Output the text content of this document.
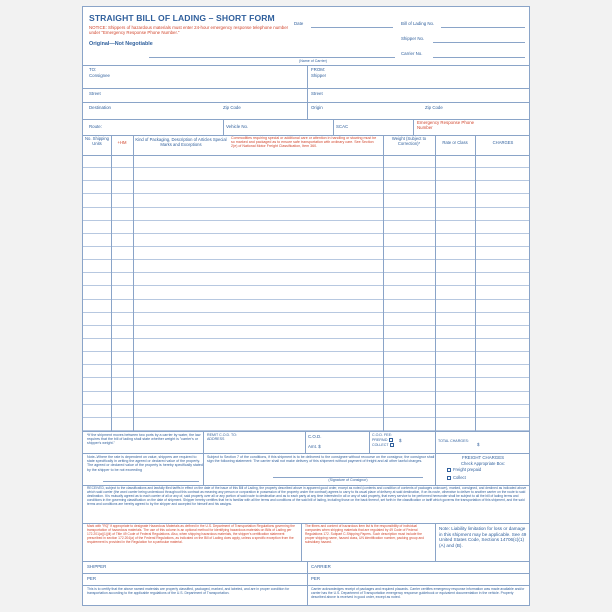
STRAIGHT BILL OF LADING – SHORT FORM
NOTICE: Shippers of hazardous materials must enter 24-hour emergency response telephone number under "Emergency Response Phone Number."
Original—Not Negotiable
Date	Bill of Lading No.
Shipper No.
Carrier No.
(Name of Carrier)
TO:
Consignee
FROM:
Shipper
Street	Street
Destination	Zip Code	Origin	Zip Code
Route:	Vehicle No.	SCAC
Emergency Response Phone Number
No. Shipping Units	+HM
Kind of Packaging, Description of Articles Special Marks and Exceptions
Commodities requiring special or additional care or attention in handling or stowing must be so marked and packaged as to ensure safe transportation with ordinary care. See Section 2(e) of National Motor Freight Classification, Item 360.
Weight (Subject to Correction)*	Rate or Class	CHARGES
*If the shipment moves between two ports by a carrier by water, the law requires that the bill of lading shall state whether weight is "carrier's or shipper's weight."
REMIT C.O.D. TO: ADDRESS
C.O.D.
Amt. $
C.O.D. FEE:
PREPAID
COLLECT
$	TOTAL CHARGES:
$
Note–Where the rate is dependent on value, shippers are required to state specifically in writing the agreed or declared value of the property. The agreed or declared value of the property is hereby specifically stated by the shipper to be not exceeding
Subject to Section 7 of the conditions, if this shipment is to be delivered to the consignee without recourse on the consignor, the consignor shall sign the following statement: The carrier shall not make delivery of this shipment without payment of freight and all other lawful charges.
(Signature of Consignor)
FREIGHT CHARGES
Check Appropriate Box:
Freight prepaid
Collect
RECEIVED, subject to the classifications and lawfully filed tariffs in effect on the date of the issue of this Bill of Lading, the property described above in apparent good order, except as noted (contents and condition of contents of packages unknown), marked, consigned, and destined as indicated above which said carrier (the word carrier being understood throughout this contract as meaning any person or corporation in possession of the property under the contract) agrees to carry to its usual place of delivery at said destination, if on its route, otherwise to deliver to another carrier on the route to said destination. It is mutually agreed as to each carrier of all or any of, said property over all or any portion of said route to destination and as to each party at any time interested in all or any of said property, that every service to be performed hereunder shall be subject to all the bill of lading terms and conditions in the governing classification on the date of shipment. Shipper hereby certifies that he is familiar with all the terms and conditions of the said bill of lading, including those on the back thereof, set forth in the classification or tariff which governs the transportation of this shipment, and the said terms and conditions are hereby agreed to by the shipper and accepted for himself and his assigns.
Mark with "RQ" if appropriate to designate Hazardous Materials as defined in the U.S. Department of Transportation Regulations governing the transportation of hazardous materials. The use of this column is an optional method for identifying hazardous materials on Bills of Lading per 172.201(a)(1)(iii) of Title 49 Code of Federal Regulations. Also, when shipping hazardous materials, the shipper's certification statement prescribed in section 172.204(a) of the Federal Regulations, as indicated on the Bill of Lading does apply, unless a specific exception from the requirement is provided in the Regulation for a particular material.
The fibres and content of hazardous item list is the responsibility of individual companies when shipping materials that are regulated by 49 Code of Federal Regulations 172. Subpart C-Shipping Papers. Such description must include the proper shipping name, hazard class, UN identification number, packing group and subsidiary hazard.
Note: Liability limitation for loss or damage in this shipment may be applicable. See 49 United States Code, Sections 14706(c)(1)(A) and (B).
SHIPPER	CARRIER
PER	PER
This is to certify that the above named materials are properly classified, packaged, marked, and labeled, and are in proper condition for transportation according to the applicable regulations of the U.S. Department of Transportation.
Carrier acknowledges receipt of packages and required placards. Carrier certifies emergency response information was made available and/or carrier has the U.S. Department of Transportation emergency response guidebook or equivalent documentation in the vehicle. Property described above is received in good order, except as noted.
